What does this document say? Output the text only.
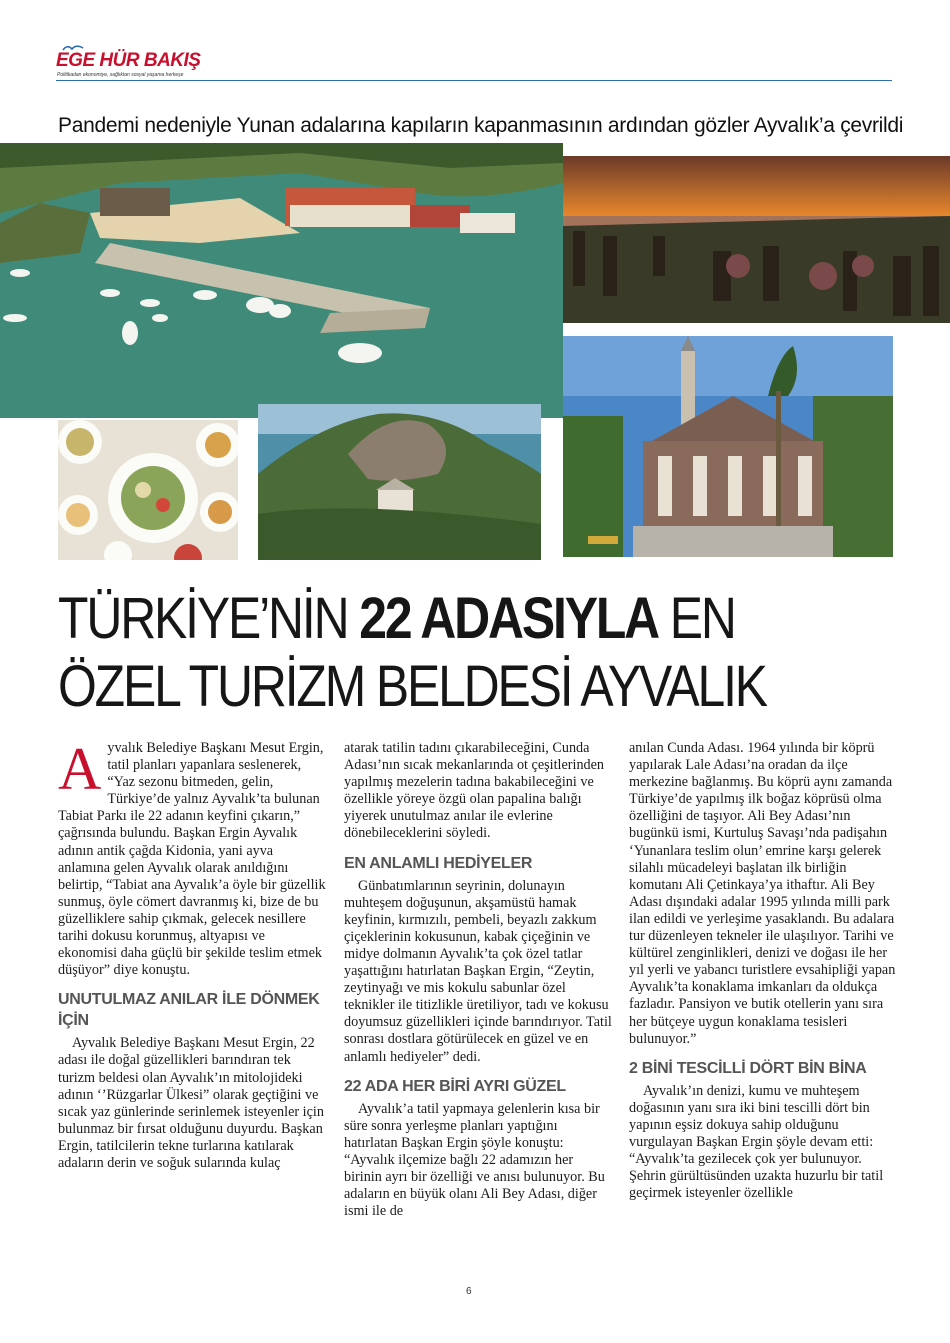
EGE HÜR BAKIŞ
Politikadan ekonomiye, sağlıktan sosyal yaşama herkeşe
Pandemi nedeniyle Yunan adalarına kapıların kapanmasının ardından gözler Ayvalık’a çevrildi
TÜRKİYE’NİN 22 ADASIYLA EN
ÖZEL TURİZM BELDESİ AYVALIK

Ayvalık Belediye Başkanı Mesut Ergin, tatil planları yapanlara seslenerek, “Yaz sezonu bitmeden, gelin, Türkiye’de yalnız Ayvalık’ta bulunan Tabiat Parkı ile 22 adanın keyfini çıkarın,” çağrısında bulundu. Başkan Ergin Ayvalık adının antik çağda Kidonia, yani ayva anlamına gelen Ayvalık olarak anıldığını belirtip, “Tabiat ana Ayvalık’a öyle bir güzellik sunmuş, öyle cömert davranmış ki, bize de bu güzelliklere sahip çıkmak, gelecek nesillere tarihi dokusu korunmuş, altyapısı ve ekonomisi daha güçlü bir şekilde teslim etmek düşüyor” diye konuştu.

UNUTULMAZ ANILAR İLE DÖNMEK İÇİN

Ayvalık Belediye Başkanı Mesut Ergin, 22 adası ile doğal güzellikleri barındıran tek turizm beldesi olan Ayvalık’ın mitolojideki adının ‘’Rüzgarlar Ülkesi” olarak geçtiğini ve sıcak yaz günlerinde serinlemek isteyenler için bulunmaz bir fırsat olduğunu duyurdu. Başkan Ergin, tatilcilerin tekne turlarına katılarak adaların derin ve soğuk sularında kulaç

atarak tatilin tadını çıkarabileceğini, Cunda Adası’nın sıcak mekanlarında ot çeşitlerinden yapılmış mezelerin tadına bakabileceğini ve özellikle yöreye özgü olan papalina balığı yiyerek unutulmaz anılar ile evlerine dönebileceklerini söyledi.

EN ANLAMLI HEDİYELER

Günbatımlarının seyrinin, dolunayın muhteşem doğuşunun, akşamüstü hamak keyfinin, kırmızılı, pembeli, beyazlı zakkum çiçeklerinin kokusunun, kabak çiçeğinin ve midye dolmanın Ayvalık’ta çok özel tatlar yaşattığını hatırlatan Başkan Ergin, “Zeytin, zeytinyağı ve mis kokulu sabunlar özel teknikler ile titizlikle üretiliyor, tadı ve kokusu doyumsuz güzellikleri içinde barındırıyor. Tatil sonrası dostlara götürülecek en güzel ve en anlamlı hediyeler” dedi.

22 ADA HER BİRİ AYRI GÜZEL

Ayvalık’a tatil yapmaya gelenlerin kısa bir süre sonra yerleşme planları yaptığını hatırlatan Başkan Ergin şöyle konuştu: “Ayvalık ilçemize bağlı 22 adamızın her birinin ayrı bir özelliği ve anısı bulunuyor. Bu adaların en büyük olanı Ali Bey Adası, diğer ismi ile de

anılan Cunda Adası. 1964 yılında bir köprü yapılarak Lale Adası’na oradan da ilçe merkezine bağlanmış. Bu köprü aynı zamanda Türkiye’de yapılmış ilk boğaz köprüsü olma özelliğini de taşıyor. Ali Bey Adası’nın bugünkü ismi, Kurtuluş Savaşı’nda padişahın ‘Yunanlara teslim olun’ emrine karşı gelerek silahlı mücadeleyi başlatan ilk birliğin komutanı Ali Çetinkaya’ya ithaftır. Ali Bey Adası dışındaki adalar 1995 yılında milli park ilan edildi ve yerleşime yasaklandı. Bu adalara tur düzenleyen tekneler ile ulaşılıyor. Tarihi ve kültürel zenginlikleri, denizi ve doğası ile her yıl yerli ve yabancı turistlere evsahipliği yapan Ayvalık’ta konaklama imkanları da oldukça fazladır. Pansiyon ve butik otellerin yanı sıra her bütçeye uygun konaklama tesisleri bulunuyor.”

2 BİNİ TESCİLLİ DÖRT BİN BİNA

Ayvalık’ın denizi, kumu ve muhteşem doğasının yanı sıra iki bini tescilli dört bin yapının eşsiz dokuya sahip olduğunu vurgulayan Başkan Ergin şöyle devam etti: “Ayvalık’ta gezilecek çok yer bulunuyor. Şehrin gürültüsünden uzakta huzurlu bir tatil geçirmek isteyenler özellikle

6
